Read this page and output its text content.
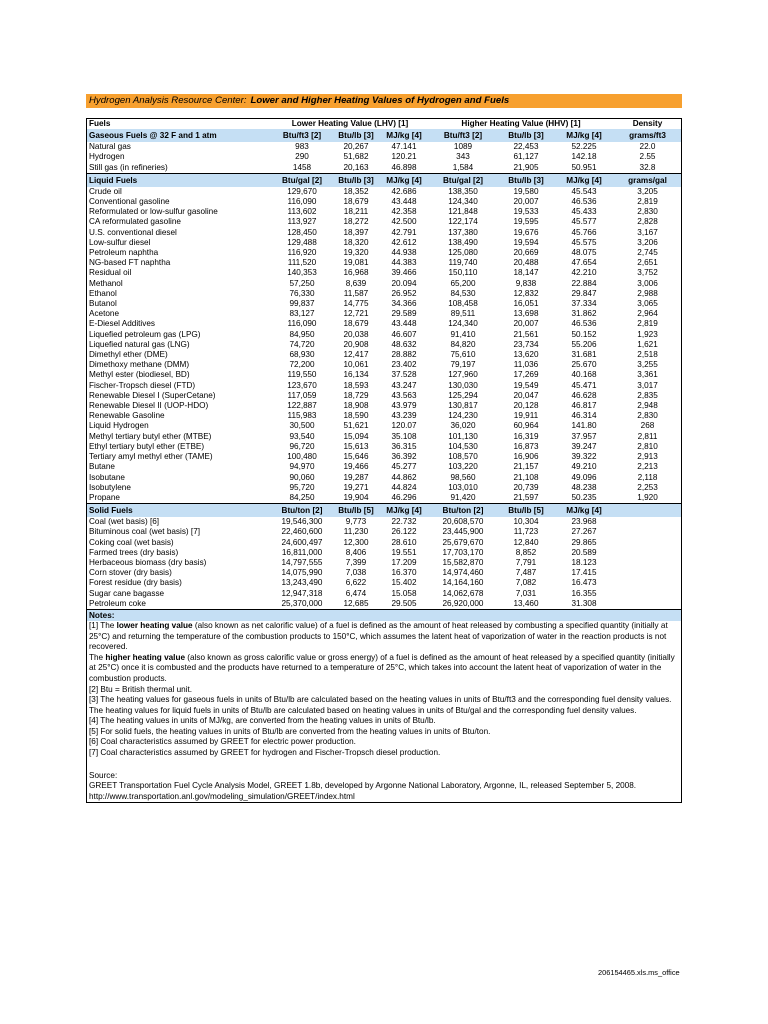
Hydrogen Analysis Resource Center: Lower and Higher Heating Values of Hydrogen and Fuels
Fuels	Lower Heating Value (LHV) [1]			Higher Heating Value (HHV) [1]			Density
Gaseous Fuels @ 32 F and 1 atm	Btu/ft3 [2]	Btu/lb [3]	MJ/kg [4]	Btu/ft3 [2]	Btu/lb [3]	MJ/kg [4]	grams/ft3
Natural gas	983	20,267	47.141	1089	22,453	52.225	22.0
Hydrogen	290	51,682	120.21	343	61,127	142.18	2.55
Still gas (in refineries)	1458	20,163	46.898	1,584	21,905	50.951	32.8
Liquid Fuels	Btu/gal [2]	Btu/lb [3]	MJ/kg [4]	Btu/gal [2]	Btu/lb [3]	MJ/kg [4]	grams/gal
Crude oil	129,670	18,352	42.686	138,350	19,580	45.543	3,205
Conventional gasoline	116,090	18,679	43.448	124,340	20,007	46.536	2,819
Reformulated or low-sulfur gasoline	113,602	18,211	42.358	121,848	19,533	45.433	2,830
CA reformulated gasoline	113,927	18,272	42.500	122,174	19,595	45.577	2,828
U.S. conventional diesel	128,450	18,397	42.791	137,380	19,676	45.766	3,167
Low-sulfur diesel	129,488	18,320	42.612	138,490	19,594	45.575	3,206
Petroleum naphtha	116,920	19,320	44.938	125,080	20,669	48.075	2,745
NG-based FT naphtha	111,520	19,081	44.383	119,740	20,488	47.654	2,651
Residual oil	140,353	16,968	39.466	150,110	18,147	42.210	3,752
Methanol	57,250	8,639	20.094	65,200	9,838	22.884	3,006
Ethanol	76,330	11,587	26.952	84,530	12,832	29.847	2,988
Butanol	99,837	14,775	34.366	108,458	16,051	37.334	3,065
Acetone	83,127	12,721	29.589	89,511	13,698	31.862	2,964
E-Diesel Additives	116,090	18,679	43.448	124,340	20,007	46.536	2,819
Liquefied petroleum gas (LPG)	84,950	20,038	46.607	91,410	21,561	50.152	1,923
Liquefied natural gas (LNG)	74,720	20,908	48.632	84,820	23,734	55.206	1,621
Dimethyl ether (DME)	68,930	12,417	28.882	75,610	13,620	31.681	2,518
Dimethoxy methane (DMM)	72,200	10,061	23.402	79,197	11,036	25.670	3,255
Methyl ester (biodiesel, BD)	119,550	16,134	37.528	127,960	17,269	40.168	3,361
Fischer-Tropsch diesel (FTD)	123,670	18,593	43.247	130,030	19,549	45.471	3,017
Renewable Diesel I (SuperCetane)	117,059	18,729	43.563	125,294	20,047	46.628	2,835
Renewable Diesel II (UOP-HDO)	122,887	18,908	43.979	130,817	20,128	46.817	2,948
Renewable Gasoline	115,983	18,590	43.239	124,230	19,911	46.314	2,830
Liquid Hydrogen	30,500	51,621	120.07	36,020	60,964	141.80	268
Methyl tertiary butyl ether (MTBE)	93,540	15,094	35.108	101,130	16,319	37.957	2,811
Ethyl tertiary butyl ether (ETBE)	96,720	15,613	36.315	104,530	16,873	39.247	2,810
Tertiary amyl methyl ether (TAME)	100,480	15,646	36.392	108,570	16,906	39.322	2,913
Butane	94,970	19,466	45.277	103,220	21,157	49.210	2,213
Isobutane	90,060	19,287	44.862	98,560	21,108	49.096	2,118
Isobutylene	95,720	19,271	44.824	103,010	20,739	48.238	2,253
Propane	84,250	19,904	46.296	91,420	21,597	50.235	1,920
Solid Fuels	Btu/ton [2]	Btu/lb [5]	MJ/kg [4]	Btu/ton [2]	Btu/lb [5]	MJ/kg [4]	
Coal (wet basis) [6]	19,546,300	9,773	22.732	20,608,570	10,304	23.968	
Bituminous coal (wet basis) [7]	22,460,600	11,230	26.122	23,445,900	11,723	27.267	
Coking coal (wet basis)	24,600,497	12,300	28.610	25,679,670	12,840	29.865	
Farmed trees (dry basis)	16,811,000	8,406	19.551	17,703,170	8,852	20.589	
Herbaceous biomass (dry basis)	14,797,555	7,399	17.209	15,582,870	7,791	18.123	
Corn stover (dry basis)	14,075,990	7,038	16.370	14,974,460	7,487	17.415	
Forest residue (dry basis)	13,243,490	6,622	15.402	14,164,160	7,082	16.473	
Sugar cane bagasse	12,947,318	6,474	15.058	14,062,678	7,031	16.355	
Petroleum coke	25,370,000	12,685	29.505	26,920,000	13,460	31.308	
Notes:

[1] The lower heating value (also known as net calorific value) of a fuel is defined as the amount of heat released by combusting a specified quantity (initially at 25°C) and returning the temperature of the combustion products to 150°C, which assumes the latent heat of vaporization of water in the reaction products is not recovered.

The higher heating value (also known as gross calorific value or gross energy) of a fuel is defined as the amount of heat released by a specified quantity (initially at 25°C) once it is combusted and the products have returned to a temperature of 25°C, which takes into account the latent heat of vaporization of water in the combustion products.

[2] Btu = British thermal unit.

[3] The heating values for gaseous fuels in units of Btu/lb are calculated based on the heating values in units of Btu/ft3 and the corresponding fuel density values. The heating values for liquid fuels in units of Btu/lb are calculated based on heating values in units of Btu/gal and the corresponding fuel density values.

[4] The heating values in units of MJ/kg, are converted from the heating values in units of Btu/lb.

[5] For solid fuels, the heating values in units of Btu/lb are converted from the heating values in units of Btu/ton.

[6] Coal characteristics assumed by GREET for electric power production.

[7] Coal characteristics assumed by GREET for hydrogen and Fischer-Tropsch diesel production.

Source:

GREET Transportation Fuel Cycle Analysis Model, GREET 1.8b, developed by Argonne National Laboratory, Argonne, IL, released September 5, 2008. http://www.transportation.anl.gov/modeling_simulation/GREET/index.html

206154465.xls.ms_office
